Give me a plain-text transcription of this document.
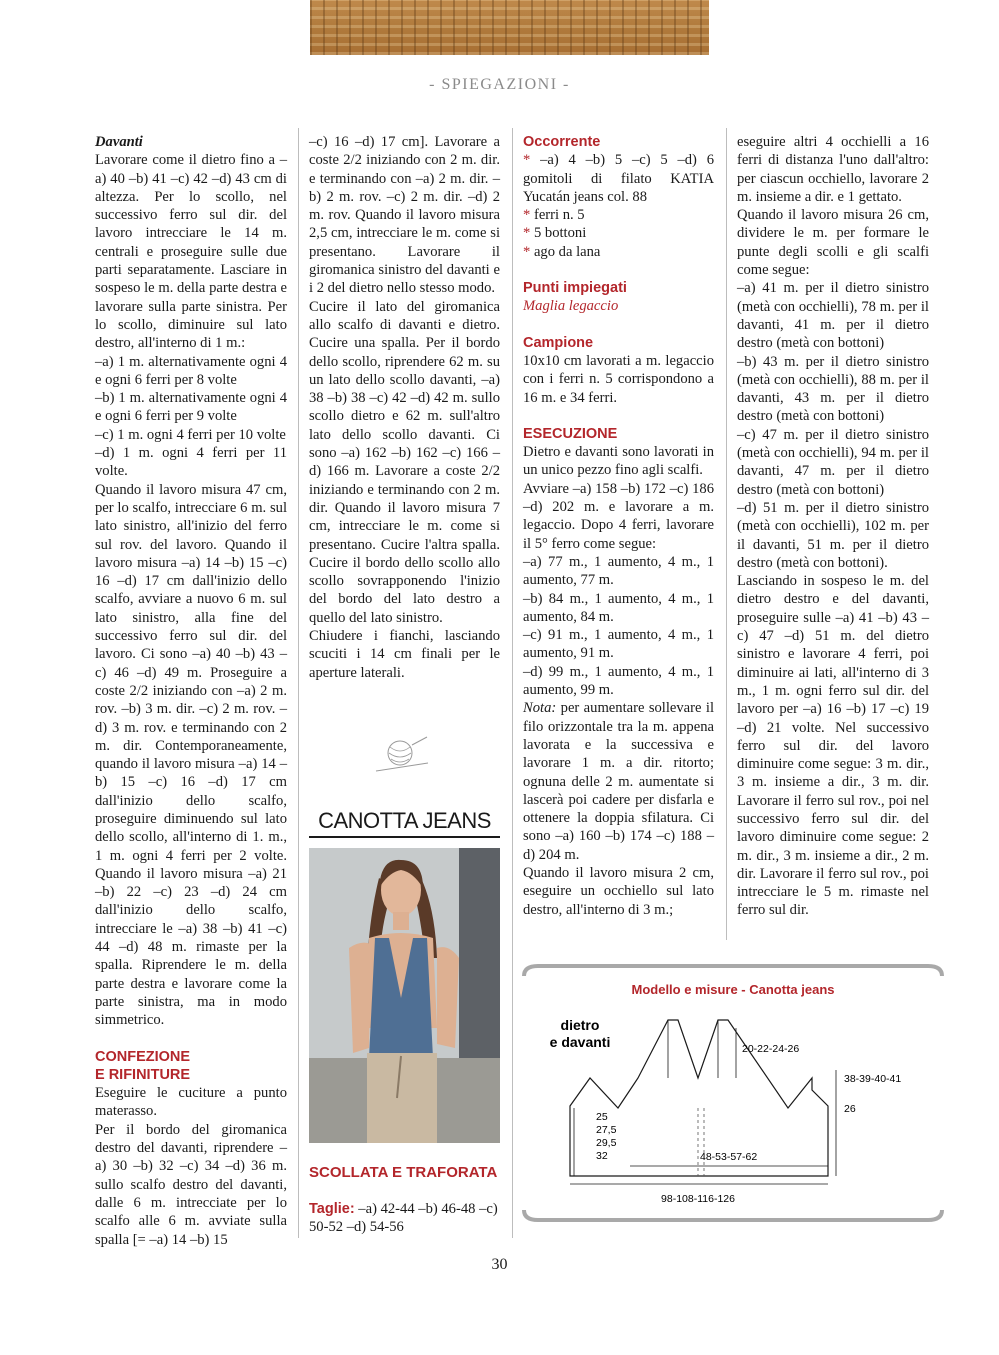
- SPIEGAZIONI -

Davanti

Lavorare come il dietro fino a –a) 40 –b) 41 –c) 42 –d) 43 cm di altezza. Per lo scollo, nel successivo ferro sul dir. del lavoro intrecciare le 14 m. centrali e proseguire sulle due parti separatamente. Lasciare in sospeso le m. della parte destra e lavorare sulla parte sinistra. Per lo scollo, diminuire sul lato destro, all'interno di 1 m.:

–a) 1 m. alternativamente ogni 4 e ogni 6 ferri per 8 volte

–b) 1 m. alternativamente ogni 4 e ogni 6 ferri per 9 volte

–c) 1 m. ogni 4 ferri per 10 volte

–d) 1 m. ogni 4 ferri per 11 volte.

Quando il lavoro misura 47 cm, per lo scalfo, intrecciare 6 m. sul lato sinistro, all'inizio del ferro sul rov. del lavoro. Quando il lavoro misura –a) 14 –b) 15 –c) 16 –d) 17 cm dall'inizio dello scalfo, avviare a nuovo 6 m. sul lato sinistro, alla fine del successivo ferro sul dir. del lavoro. Ci sono –a) 40 –b) 43 –c) 46 –d) 49 m. Proseguire a coste 2/2 iniziando con –a) 2 m. rov. –b) 3 m. dir. –c) 2 m. rov. –d) 3 m. rov. e terminando con 2 m. dir. Contemporaneamente, quando il lavoro misura –a) 14 –b) 15 –c) 16 –d) 17 cm dall'inizio dello scalfo, proseguire diminuendo sul lato dello scollo, all'interno di 1. m., 1 m. ogni 4 ferri per 2 volte. Quando il lavoro misura –a) 21 –b) 22 –c) 23 –d) 24 cm dall'inizio dello scalfo, intrecciare le –a) 38 –b) 41 –c) 44 –d) 48 m. rimaste per la spalla. Riprendere le m. della parte destra e lavorare come la parte sinistra, ma in modo simmetrico.

CONFEZIONE

E RIFINITURE

Eseguire le cuciture a punto materasso.

Per il bordo del giromanica destro del davanti, riprendere –a) 30 –b) 32 –c) 34 –d) 36 m. sullo scalfo destro del davanti, dalle 6 m. intrecciate per lo scalfo alle 6 m. avviate sulla spalla [= –a) 14 –b) 15

–c) 16 –d) 17 cm]. Lavorare a coste 2/2 iniziando con 2 m. dir. e terminando con –a) 2 m. dir. –b) 2 m. rov. –c) 2 m. dir. –d) 2 m. rov. Quando il lavoro misura 2,5 cm, intrecciare le m. come si presentano. Lavorare il giromanica sinistro del davanti e i 2 del dietro nello stesso modo.

Cucire il lato del giromanica allo scalfo di davanti e dietro. Cucire una spalla. Per il bordo dello scollo, riprendere 62 m. su un lato dello scollo davanti, –a) 38 –b) 38 –c) 42 –d) 42 m. sullo scollo dietro e 62 m. sull'altro lato dello scollo davanti. Ci sono –a) 162 –b) 162 –c) 166 –d) 166 m. Lavorare a coste 2/2 iniziando e terminando con 2 m. dir. Quando il lavoro misura 7 cm, intrecciare le m. come si presentano. Cucire l'altra spalla. Cucire il bordo dello scollo allo scollo sovrapponendo l'inizio del bordo del lato destro a quello del lato sinistro.

Chiudere i fianchi, lasciando scuciti i 14 cm finali per le aperture laterali.

CANOTTA JEANS
SCOLLATA E TRAFORATA
Taglie: –a) 42-44 –b) 46-48 –c) 50-52 –d) 54-56

Occorrente

* –a) 4 –b) 5 –c) 5 –d) 6 gomitoli di filato KATIA Yucatán jeans col. 88

* ferri n. 5

* 5 bottoni

* ago da lana

Punti impiegati

Maglia legaccio

Campione

10x10 cm lavorati a m. legaccio con i ferri n. 5 corrispondono a 16 m. e 34 ferri.

ESECUZIONE

Dietro e davanti sono lavorati in un unico pezzo fino agli scalfi.

Avviare –a) 158 –b) 172 –c) 186 –d) 202 m. e lavorare a m. legaccio. Dopo 4 ferri, lavorare il 5° ferro come segue:

–a) 77 m., 1 aumento, 4 m., 1 aumento, 77 m.

–b) 84 m., 1 aumento, 4 m., 1 aumento, 84 m.

–c) 91 m., 1 aumento, 4 m., 1 aumento, 91 m.

–d) 99 m., 1 aumento, 4 m., 1 aumento, 99 m.

Nota: per aumentare sollevare il filo orizzontale tra la m. appena lavorata e la successiva e lavorare 1 m. a dir. ritorto; ognuna delle 2 m. aumentate si lascerà poi cadere per disfarla e ottenere la doppia sfilatura. Ci sono –a) 160 –b) 174 –c) 188 –d) 204 m.

Quando il lavoro misura 2 cm, eseguire un occhiello sul lato destro, all'interno di 3 m.;

eseguire altri 4 occhielli a 16 ferri di distanza l'uno dall'altro: per ciascun occhiello, lavorare 2 m. insieme a dir. e 1 gettato.

Quando il lavoro misura 26 cm, dividere le m. per formare le punte degli scolli e gli scalfi come segue:

–a) 41 m. per il dietro sinistro (metà con occhielli), 78 m. per il davanti, 41 m. per il dietro destro (metà con bottoni)

–b) 43 m. per il dietro sinistro (metà con occhielli), 88 m. per il davanti, 43 m. per il dietro destro (metà con bottoni)

–c) 47 m. per il dietro sinistro (metà con occhielli), 94 m. per il davanti, 47 m. per il dietro destro (metà con bottoni)

–d) 51 m. per il dietro sinistro (metà con occhielli), 102 m. per il davanti, 51 m. per il dietro destro (metà con bottoni).

Lasciando in sospeso le m. del dietro destro e del davanti, proseguire sulle –a) 41 –b) 43 –c) 47 –d) 51 m. del dietro sinistro e lavorare 4 ferri, poi diminuire ai lati, all'interno di 3 m., 1 m. ogni ferro sul dir. del lavoro per –a) 16 –b) 17 –c) 19 –d) 21 volte. Nel successivo ferro sul dir. del lavoro diminuire come segue: 3 m. dir., 3 m. insieme a dir., 3 m. dir. Lavorare il ferro sul rov., poi nel successivo ferro sul dir. del lavoro diminuire come segue: 2 m. dir., 3 m. insieme a dir., 2 m. dir. Lavorare il ferro sul rov., poi intrecciare le 5 m. rimaste nel ferro sul dir.

Modello e misure - Canotta jeans
dietro
e davanti	20-22-24-26
38-39-40-41
26
25
27,5
29,5
32	48-53-57-62
98-108-116-126
30
